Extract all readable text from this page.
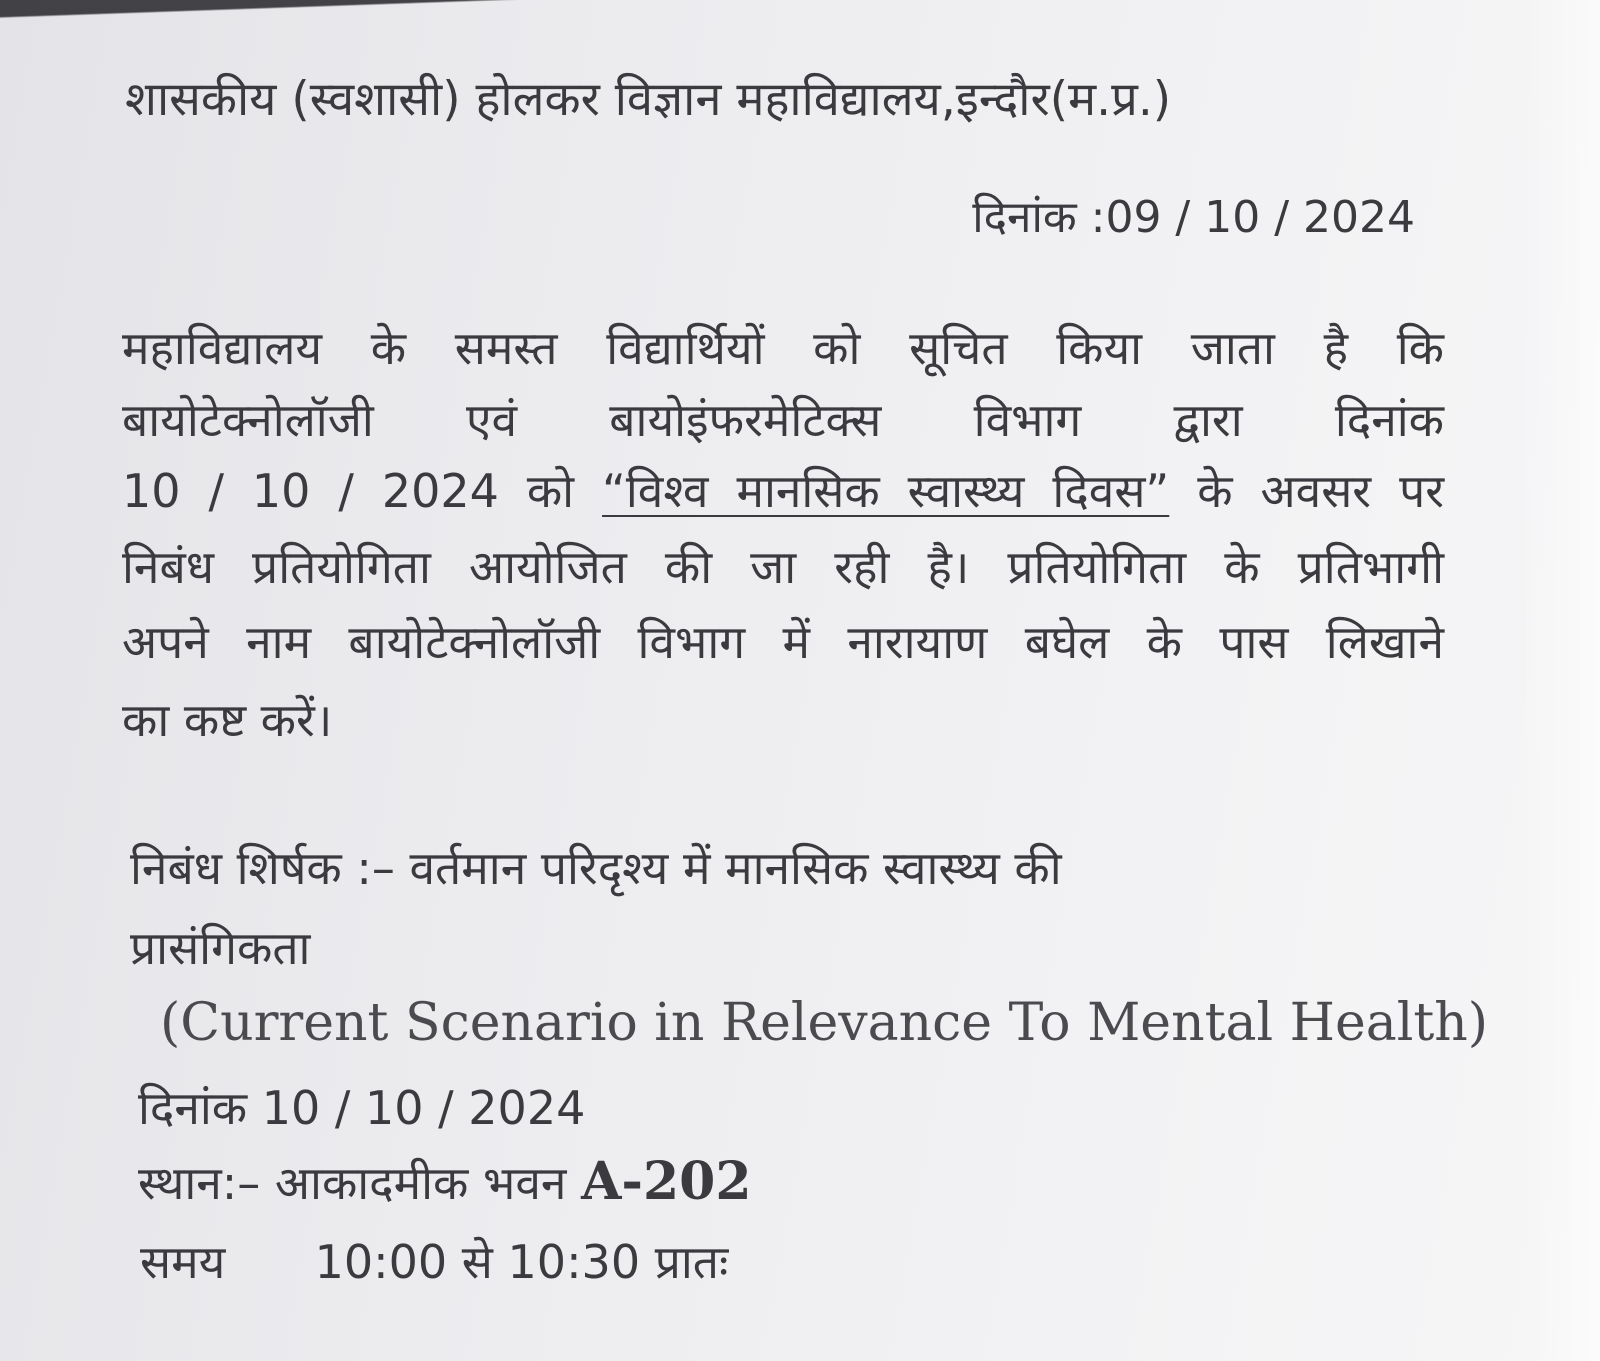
शासकीय (स्वशासी) होलकर विज्ञान महाविद्यालय,इन्दौर(म.प्र.)
दिनांक :09 / 10 / 2024
महाविद्यालय के समस्त विद्यार्थियों को सूचित किया जाता है कि
बायोटेक्नोलॉजी एवं बायोइंफरमेटिक्स विभाग द्वारा दिनांक
10 / 10 / 2024 को “विश्व मानसिक स्वास्थ्य दिवस” के अवसर पर
निबंध प्रतियोगिता आयोजित की जा रही है। प्रतियोगिता के प्रतिभागी
अपने नाम बायोटेक्नोलॉजी विभाग में नारायाण बघेल के पास लिखाने
का कष्ट करें।
निबंध शिर्षक :– वर्तमान परिदृश्य में मानसिक स्वास्थ्य की
प्रासंगिकता
(Current Scenario in Relevance To Mental Health)
दिनांक 10 / 10 / 2024
स्थान:– आकादमीक भवन A-202
समय 10:00 से 10:30 प्रातः
